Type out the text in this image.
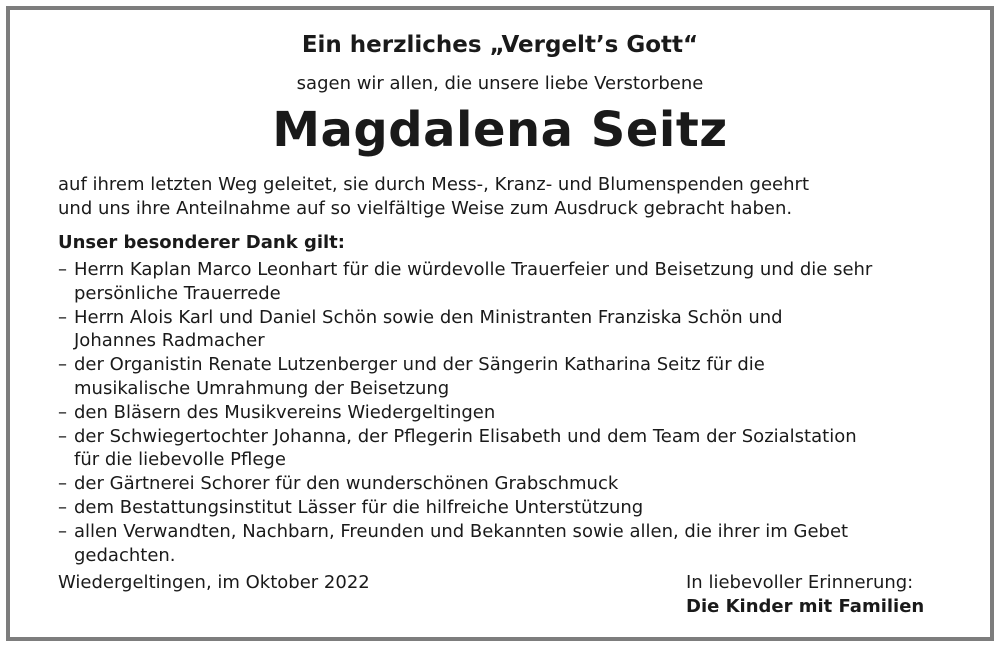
Ein herzliches „Vergelt’s Gott“
sagen wir allen, die unsere liebe Verstorbene
Magdalena Seitz
auf ihrem letzten Weg geleitet, sie durch Mess-, Kranz- und Blumenspenden geehrt
und uns ihre Anteilnahme auf so vielfältige Weise zum Ausdruck gebracht haben.
Unser besonderer Dank gilt:
– Herrn Kaplan Marco Leonhart für die würdevolle Trauerfeier und Beisetzung und die sehr
persönliche Trauerrede
– Herrn Alois Karl und Daniel Schön sowie den Ministranten Franziska Schön und
Johannes Radmacher
– der Organistin Renate Lutzenberger und der Sängerin Katharina Seitz für die
musikalische Umrahmung der Beisetzung
– den Bläsern des Musikvereins Wiedergeltingen
– der Schwiegertochter Johanna, der Pflegerin Elisabeth und dem Team der Sozialstation
für die liebevolle Pflege
– der Gärtnerei Schorer für den wunderschönen Grabschmuck
– dem Bestattungsinstitut Lässer für die hilfreiche Unterstützung
– allen Verwandten, Nachbarn, Freunden und Bekannten sowie allen, die ihrer im Gebet
gedachten.
Wiedergeltingen, im Oktober 2022	In liebevoller Erinnerung:
Die Kinder mit Familien
